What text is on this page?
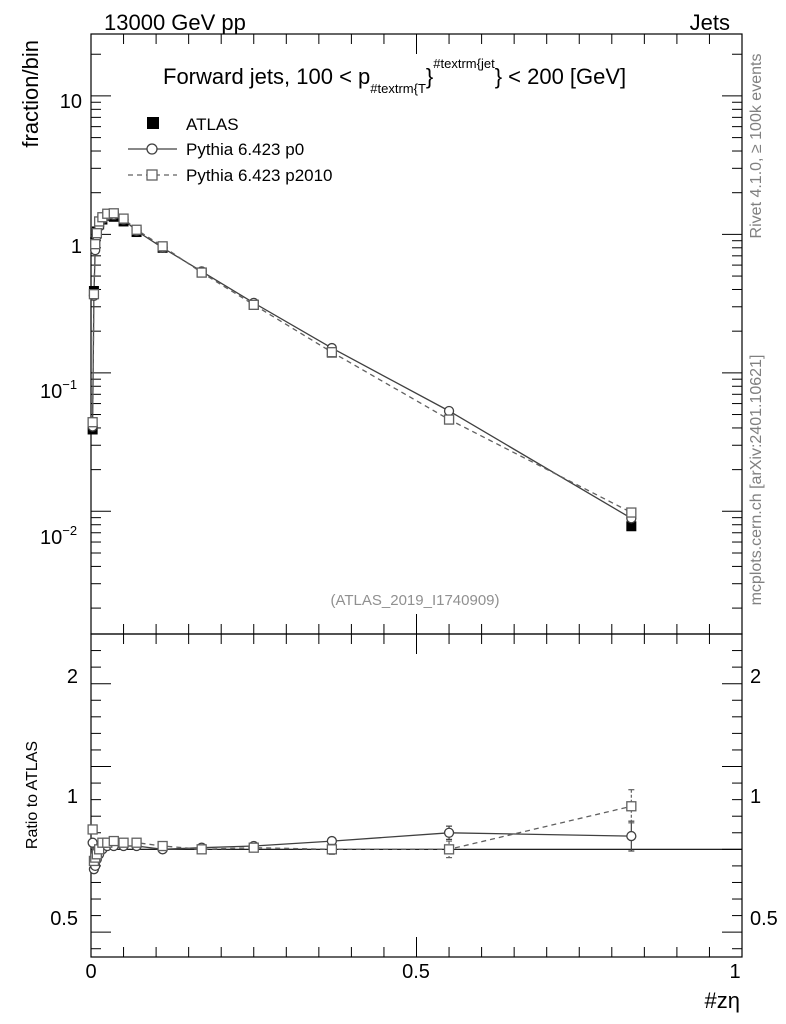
13000 GeV pp	Jets
Rivet 4.1.0, ≥ 100k events
mcplots.cern.ch [arXiv:2401.10621]
Forward jets, $100 < p_{\#textrm\{T}\}^{\#textrm\{jet}\} < 200$ [GeV]
fraction/bin 10
1
$10^{-1}$
$10^{-2}$
ATLAS
Pythia 6.423 p0
Pythia 6.423 p2010
(ATLAS_2019_I1740909)
Ratio to ATLAS
2
1
0.5
2
1
0.5
0	0.5	1
#zη
